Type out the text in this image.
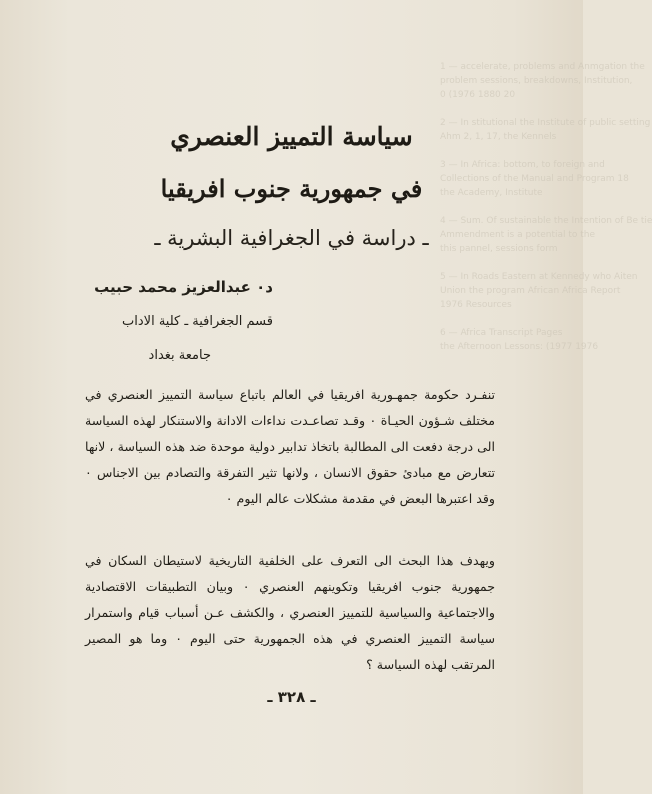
1 — accelerate, problems and Anmgation the
problem sessions, breakdowns, Institution,
0 (1976 1880 20

2 — In stitutional the Institute of public setting
Ahm 2, 1, 17, the Kennels

3 — In Africa: bottom, to foreign and
Collections of the Manual and Program 18
the Academy, Institute

4 — Sum. Of sustainable the Intention of Be tie
Ammendment is a potential to the
this pannel, sessions form

5 — In Roads Eastern at Kennedy who Aiten
Union the program African Africa Report
1976 Resources

6 — Africa Transcript Pages
the Afternoon Lessons: (1977 1976
سياسة التمييز العنصري
في جمهورية جنوب افريقيا
ـ دراسة في الجغرافية البشرية ـ
د٠ عبدالعزيز محمد حبيب
قسم الجغرافية ـ كلية الاداب
جامعة بغداد
تنفـرد حكومة جمهـورية افريقيا في العالم باتباع سياسة التمييز العنصري في مختلف شـؤون الحيـاة ٠ وقـد تصاعـدت نداءات الادانة والاستنكار لهذه السياسة الى درجة دفعت الى المطالبة باتخاذ تدابير دولية موحدة ضد هذه السياسة ، لانها تتعارض مع مبادئ حقوق الانسان ، ولانها تثير التفرقة والتصادم بين الاجناس ٠ وقد اعتبرها البعض في مقدمة مشكلات عالم اليوم ٠
ويهدف هذا البحث الى التعرف على الخلفية التاريخية لاستيطان السكان في جمهورية جنوب افريقيا وتكوينهم العنصري ٠ وبيان التطبيقات الاقتصادية والاجتماعية والسياسية للتمييز العنصري ، والكشف عـن أسباب قيام واستمرار سياسة التمييز العنصري في هذه الجمهورية حتى اليوم ٠ وما هو المصير المرتقب لهذه السياسة ؟
ـ ٣٢٨ ـ
